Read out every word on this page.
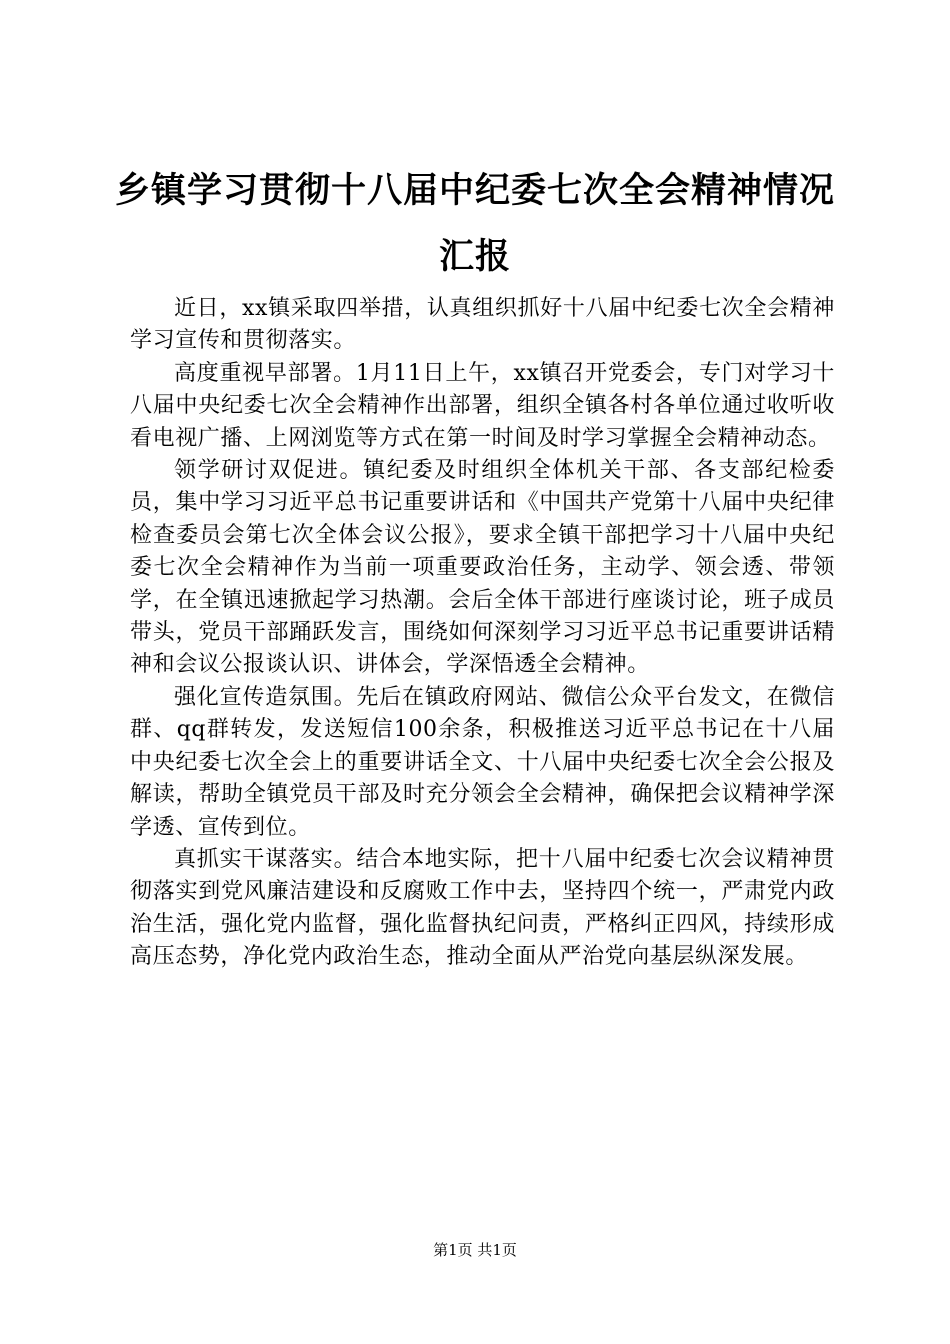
乡镇学习贯彻十八届中纪委七次全会精神情况
汇报

近日，xx镇采取四举措，认真组织抓好十八届中纪委七次全会精神学习宣传和贯彻落实。

高度重视早部署。1月11日上午，xx镇召开党委会，专门对学习十八届中央纪委七次全会精神作出部署，组织全镇各村各单位通过收听收看电视广播、上网浏览等方式在第一时间及时学习掌握全会精神动态。

领学研讨双促进。镇纪委及时组织全体机关干部、各支部纪检委员，集中学习习近平总书记重要讲话和《中国共产党第十八届中央纪律检查委员会第七次全体会议公报》，要求全镇干部把学习十八届中央纪委七次全会精神作为当前一项重要政治任务，主动学、领会透、带领学，在全镇迅速掀起学习热潮。会后全体干部进行座谈讨论，班子成员带头，党员干部踊跃发言，围绕如何深刻学习习近平总书记重要讲话精神和会议公报谈认识、讲体会，学深悟透全会精神。

强化宣传造氛围。先后在镇政府网站、微信公众平台发文，在微信群、qq群转发，发送短信100余条，积极推送习近平总书记在十八届中央纪委七次全会上的重要讲话全文、十八届中央纪委七次全会公报及解读，帮助全镇党员干部及时充分领会全会精神，确保把会议精神学深学透、宣传到位。

真抓实干谋落实。结合本地实际，把十八届中纪委七次会议精神贯彻落实到党风廉洁建设和反腐败工作中去，坚持四个统一，严肃党内政治生活，强化党内监督，强化监督执纪问责，严格纠正四风，持续形成高压态势，净化党内政治生态，推动全面从严治党向基层纵深发展。

第1页 共1页
